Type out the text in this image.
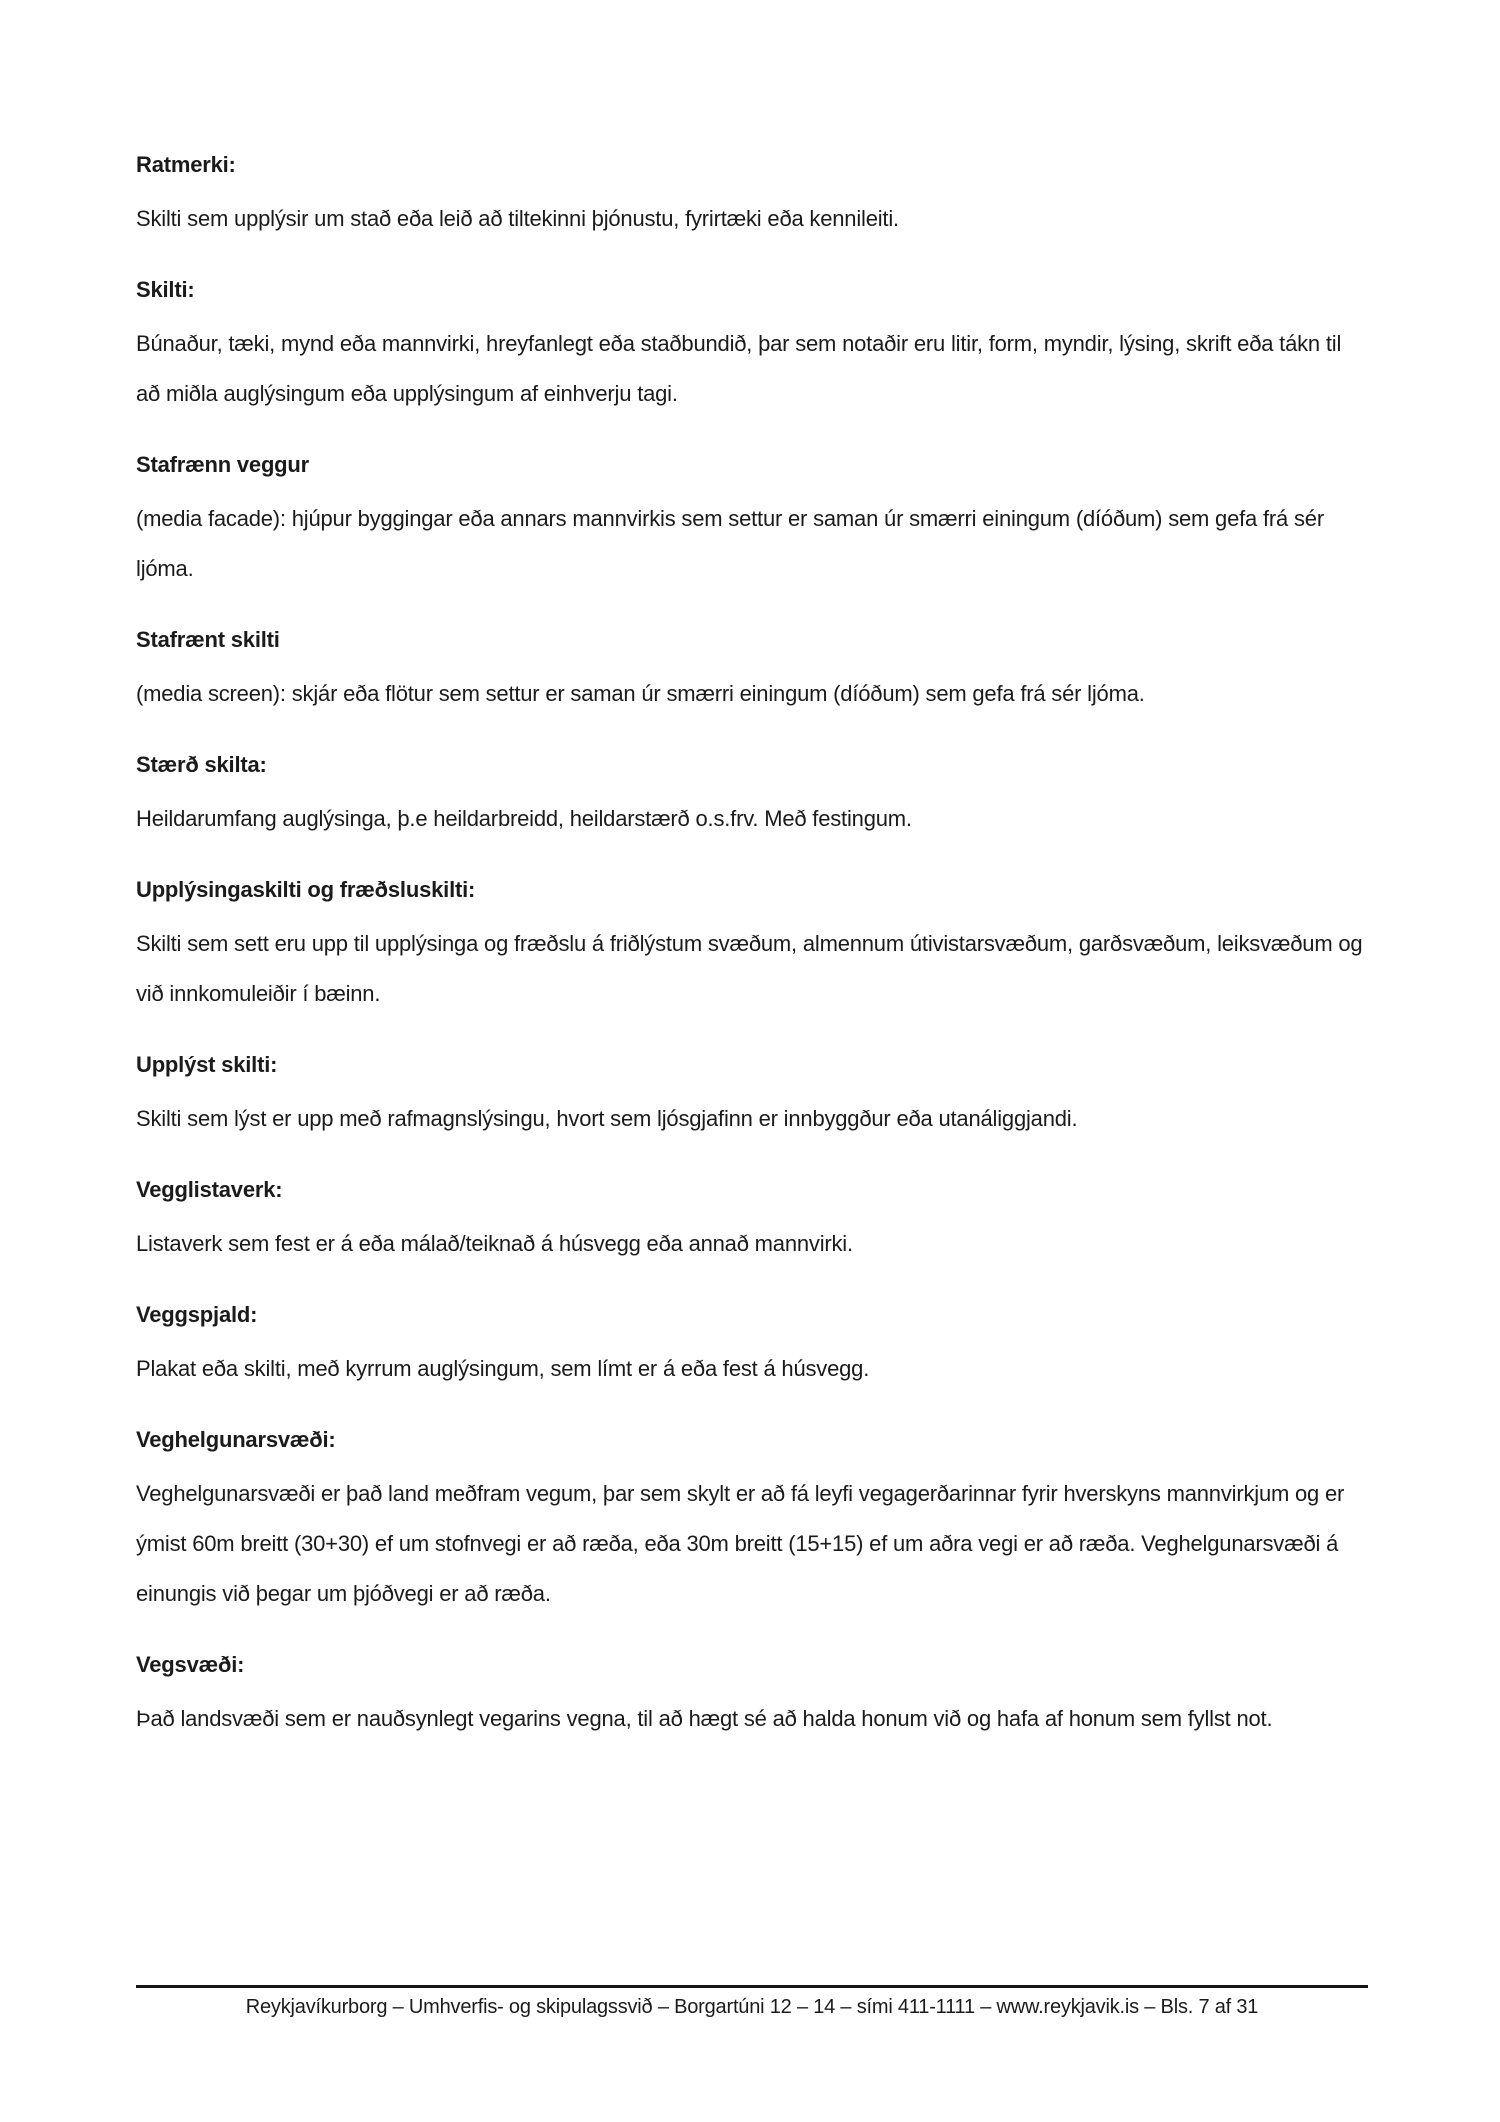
Ratmerki:

Skilti sem upplýsir um stað eða leið að tiltekinni þjónustu, fyrirtæki eða kennileiti.

Skilti:

Búnaður, tæki, mynd eða mannvirki, hreyfanlegt eða staðbundið, þar sem notaðir eru litir, form, myndir, lýsing, skrift eða tákn til að miðla auglýsingum eða upplýsingum af einhverju tagi.

Stafrænn veggur

(media facade): hjúpur byggingar eða annars mannvirkis sem settur er saman úr smærri einingum (díóðum) sem gefa frá sér ljóma.

Stafrænt skilti

(media screen): skjár eða flötur sem settur er saman úr smærri einingum (díóðum) sem gefa frá sér ljóma.

Stærð skilta:

Heildarumfang auglýsinga, þ.e heildarbreidd, heildarstærð o.s.frv. Með festingum.

Upplýsingaskilti og fræðsluskilti:

Skilti sem sett eru upp til upplýsinga og fræðslu á friðlýstum svæðum, almennum útivistarsvæðum, garðsvæðum, leiksvæðum og við innkomuleiðir í bæinn.

Upplýst skilti:

Skilti sem lýst er upp með rafmagnslýsingu, hvort sem ljósgjafinn er innbyggður eða utanáliggjandi.

Vegglistaverk:

Listaverk sem fest er á eða málað/teiknað á húsvegg eða annað mannvirki.

Veggspjald:

Plakat eða skilti, með kyrrum auglýsingum, sem límt er á eða fest á húsvegg.

Veghelgunarsvæði:

Veghelgunarsvæði er það land meðfram vegum, þar sem skylt er að fá leyfi vegagerðarinnar fyrir hverskyns mannvirkjum og er ýmist 60m breitt (30+30) ef um stofnvegi er að ræða, eða 30m breitt (15+15) ef um aðra vegi er að ræða. Veghelgunarsvæði á einungis við þegar um þjóðvegi er að ræða.

Vegsvæði:

Það landsvæði sem er nauðsynlegt vegarins vegna, til að hægt sé að halda honum við og hafa af honum sem fyllst not.

Reykjavíkurborg – Umhverfis- og skipulagssvið – Borgartúni 12 – 14 – sími 411-1111 – www.reykjavik.is – Bls. 7 af 31
